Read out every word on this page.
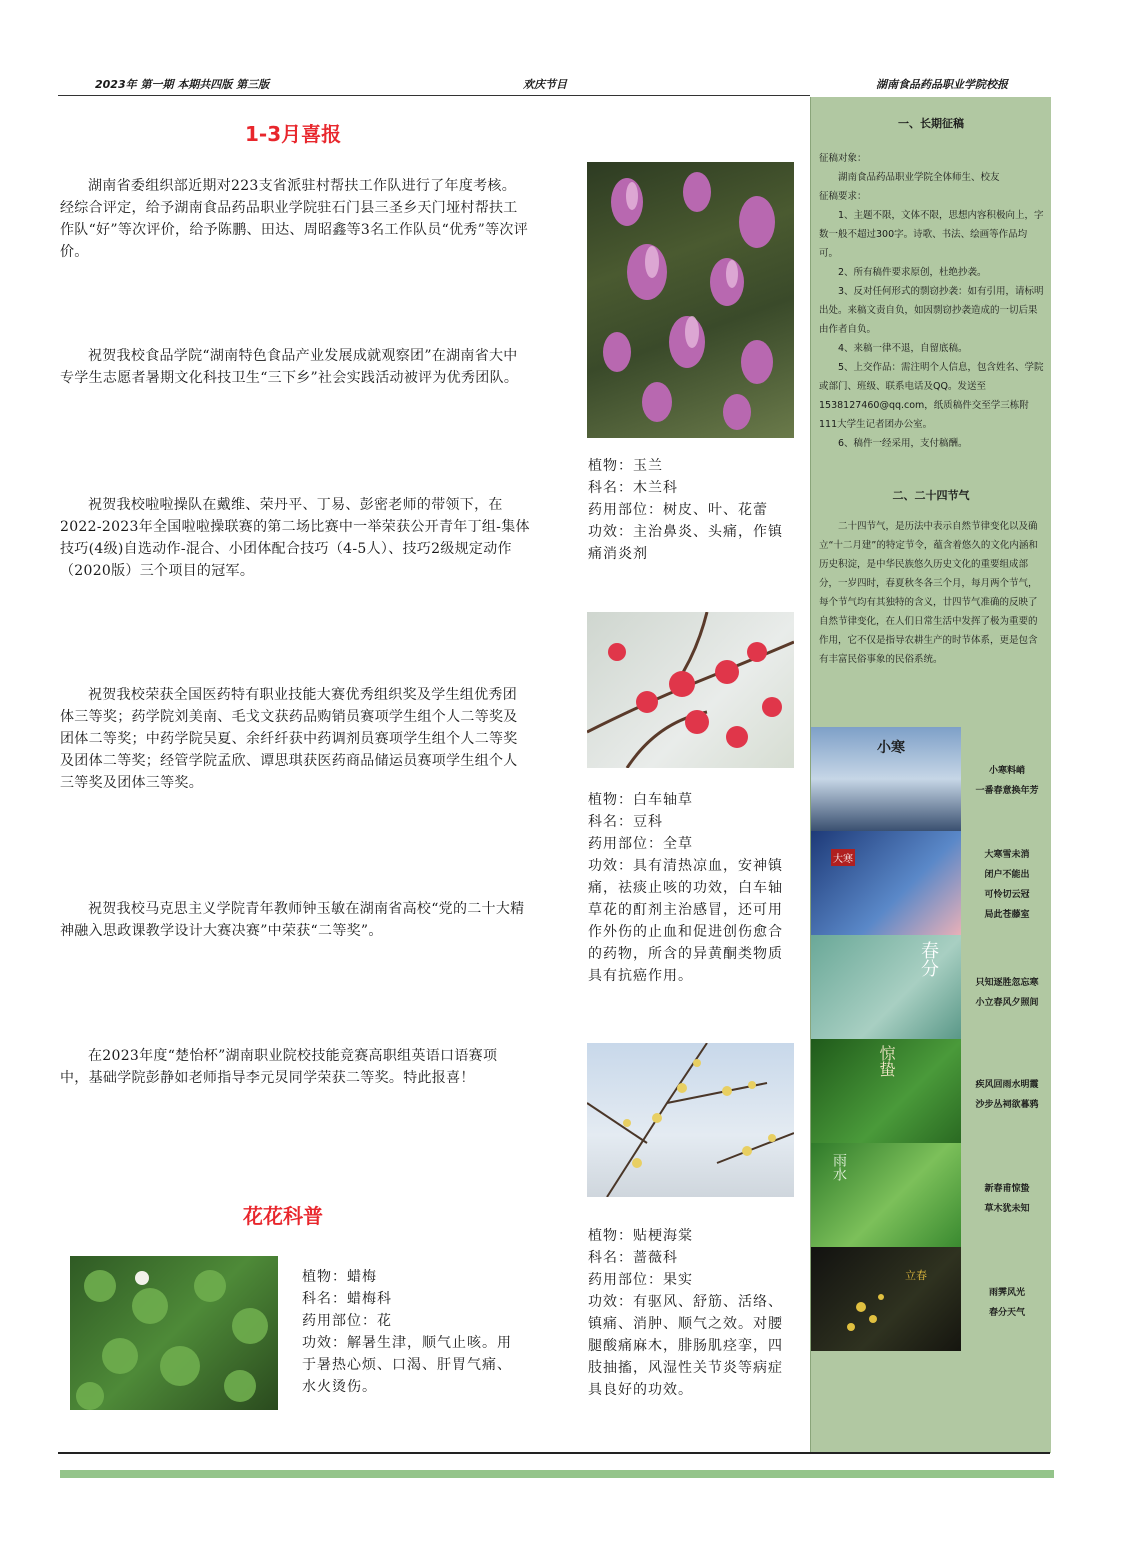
2023年 第一期 本期共四版 第三版	欢庆节目	湖南食品药品职业学院校报
1-3月喜报
湖南省委组织部近期对223支省派驻村帮扶工作队进行了年度考核。经综合评定，给予湖南食品药品职业学院驻石门县三圣乡天门垭村帮扶工作队“好”等次评价，给予陈鹏、田达、周昭鑫等3名工作队员“优秀”等次评价。
祝贺我校食品学院“湖南特色食品产业发展成就观察团”在湖南省大中专学生志愿者暑期文化科技卫生“三下乡”社会实践活动被评为优秀团队。
祝贺我校啦啦操队在戴维、荣丹平、丁易、彭密老师的带领下，在2022-2023年全国啦啦操联赛的第二场比赛中一举荣获公开青年丁组-集体技巧(4级)自选动作-混合、小团体配合技巧（4-5人）、技巧2级规定动作（2020版）三个项目的冠军。
祝贺我校荣获全国医药特有职业技能大赛优秀组织奖及学生组优秀团体三等奖；药学院刘美南、毛戈文获药品购销员赛项学生组个人二等奖及团体二等奖；中药学院吴夏、余纤纤获中药调剂员赛项学生组个人二等奖及团体二等奖；经管学院孟欣、谭思琪获医药商品储运员赛项学生组个人三等奖及团体三等奖。
祝贺我校马克思主义学院青年教师钟玉敏在湖南省高校“党的二十大精神融入思政课教学设计大赛决赛”中荣获“二等奖”。
在2023年度“楚怡杯”湖南职业院校技能竞赛高职组英语口语赛项 中，基础学院彭静如老师指导李元炅同学荣获二等奖。特此报喜！
花花科普
植物：玉兰
科名：木兰科
药用部位：树皮、叶、花蕾
功效：主治鼻炎、头痛，作镇痛消炎剂
植物：白车轴草
科名：豆科
药用部位：全草
功效：具有清热凉血，安神镇痛，祛痰止咳的功效，白车轴草花的酊剂主治感冒，还可用作外伤的止血和促进创伤愈合的药物，所含的异黄酮类物质具有抗癌作用。
植物：贴梗海棠
科名：蔷薇科
药用部位：果实
功效：有驱风、舒筋、活络、镇痛、消肿、顺气之效。对腰腿酸痛麻木，腓肠肌痉挛，四肢抽搐，风湿性关节炎等病症具良好的功效。
植物：蜡梅
科名：蜡梅科
药用部位：花
功效：解暑生津，顺气止咳。用于暑热心烦、口渴、肝胃气痛、水火烫伤。
一、长期征稿
征稿对象：
湖南食品药品职业学院全体师生、校友
征稿要求：
1、主题不限，文体不限，思想内容积极向上，字数一般不超过300字。诗歌、书法、绘画等作品均可。
2、所有稿件要求原创，杜绝抄袭。
3、反对任何形式的剽窃抄袭：如有引用，请标明出处。来稿文责自负，如因剽窃抄袭造成的一切后果由作者自负。
4、来稿一律不退，自留底稿。
5、上交作品：需注明个人信息，包含姓名、学院或部门、班级、联系电话及QQ。发送至1538127460@qq.com，纸质稿件交至学三栋附111大学生记者团办公室。
6、稿件一经采用，支付稿酬。
二、二十四节气
二十四节气，是历法中表示自然节律变化以及确立“十二月建”的特定节令，蕴含着悠久的文化内涵和历史积淀，是中华民族悠久历史文化的重要组成部分，一岁四时，春夏秋冬各三个月，每月两个节气，每个节气均有其独特的含义，廿四节气准确的反映了自然节律变化，在人们日常生活中发挥了极为重要的作用，它不仅是指导农耕生产的时节体系，更是包含有丰富民俗事象的民俗系统。
小寒
小寒料峭
一番春意换年芳
大寒	大寒雪未消
闭户不能出
可怜切云冠
局此苍藤室
春分
只知逐胜忽忘寒
小立春风夕照间
惊蛰
疾风回雨水明霞
沙步丛祠欲暮鸦
雨水
新春甫惊蛰
草木犹未知
立春
雨霁风光
春分天气
